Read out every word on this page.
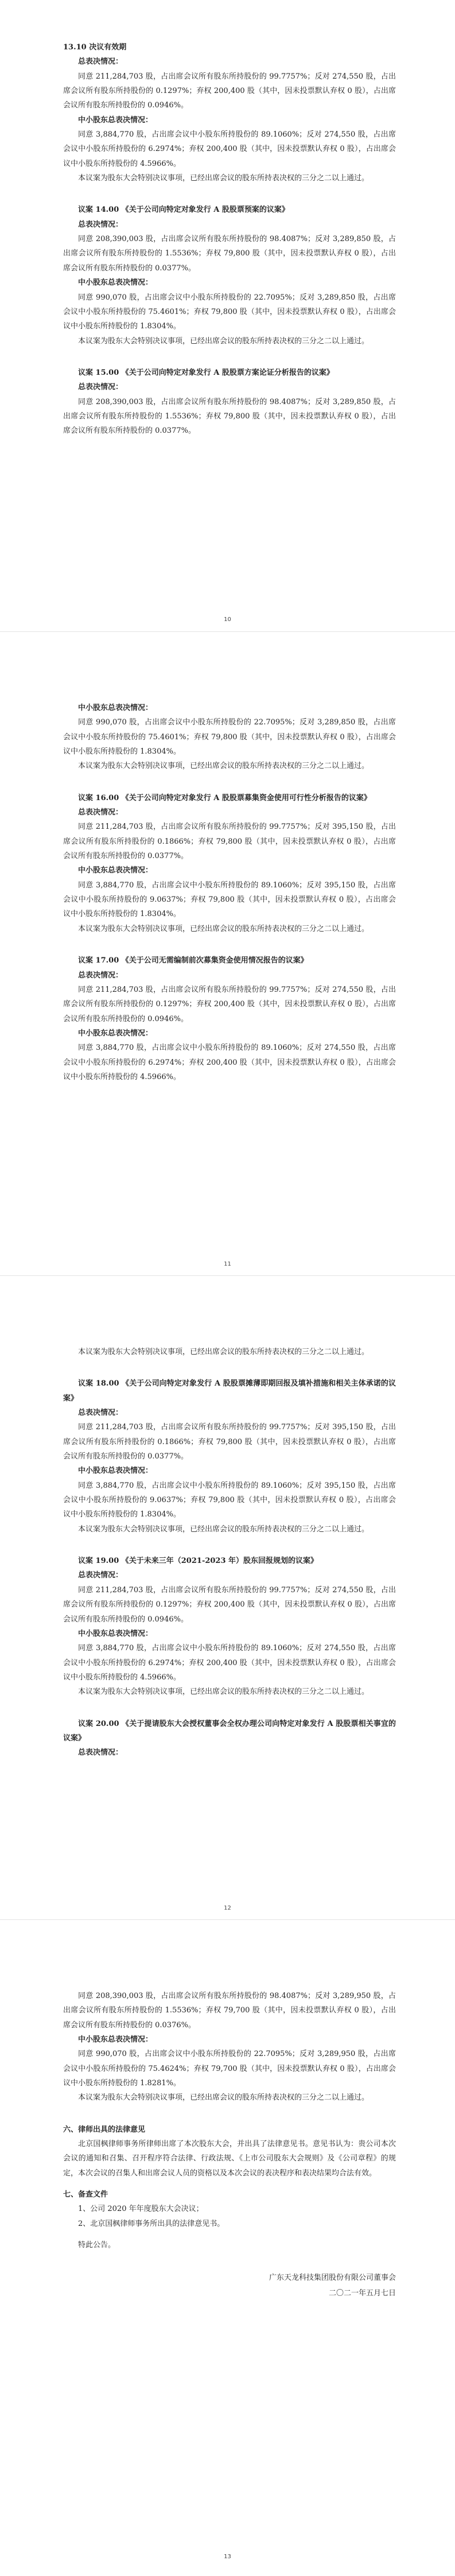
13.10 决议有效期
总表决情况：
同意 211,284,703 股，占出席会议所有股东所持股份的 99.7757%；反对 274,550 股，占出席会议所有股东所持股份的 0.1297%；弃权 200,400 股（其中，因未投票默认弃权 0 股），占出席会议所有股东所持股份的 0.0946%。
中小股东总表决情况：
同意 3,884,770 股，占出席会议中小股东所持股份的 89.1060%；反对 274,550 股，占出席会议中小股东所持股份的 6.2974%；弃权 200,400 股（其中，因未投票默认弃权 0 股），占出席会议中小股东所持股份的 4.5966%。
本议案为股东大会特别决议事项，已经出席会议的股东所持表决权的三分之二以上通过。
议案 14.00 《关于公司向特定对象发行 A 股股票预案的议案》
总表决情况：
同意 208,390,003 股，占出席会议所有股东所持股份的 98.4087%；反对 3,289,850 股，占出席会议所有股东所持股份的 1.5536%；弃权 79,800 股（其中，因未投票默认弃权 0 股），占出席会议所有股东所持股份的 0.0377%。
中小股东总表决情况：
同意 990,070 股，占出席会议中小股东所持股份的 22.7095%；反对 3,289,850 股，占出席会议中小股东所持股份的 75.4601%；弃权 79,800 股（其中，因未投票默认弃权 0 股），占出席会议中小股东所持股份的 1.8304%。
本议案为股东大会特别决议事项，已经出席会议的股东所持表决权的三分之二以上通过。
议案 15.00 《关于公司向特定对象发行 A 股股票方案论证分析报告的议案》
总表决情况：
同意 208,390,003 股，占出席会议所有股东所持股份的 98.4087%；反对 3,289,850 股，占出席会议所有股东所持股份的 1.5536%；弃权 79,800 股（其中，因未投票默认弃权 0 股），占出席会议所有股东所持股份的 0.0377%。
10
中小股东总表决情况：
同意 990,070 股，占出席会议中小股东所持股份的 22.7095%；反对 3,289,850 股，占出席会议中小股东所持股份的 75.4601%；弃权 79,800 股（其中，因未投票默认弃权 0 股），占出席会议中小股东所持股份的 1.8304%。
本议案为股东大会特别决议事项，已经出席会议的股东所持表决权的三分之二以上通过。
议案 16.00 《关于公司向特定对象发行 A 股股票募集资金使用可行性分析报告的议案》
总表决情况：
同意 211,284,703 股，占出席会议所有股东所持股份的 99.7757%；反对 395,150 股，占出席会议所有股东所持股份的 0.1866%；弃权 79,800 股（其中，因未投票默认弃权 0 股），占出席会议所有股东所持股份的 0.0377%。
中小股东总表决情况：
同意 3,884,770 股，占出席会议中小股东所持股份的 89.1060%；反对 395,150 股，占出席会议中小股东所持股份的 9.0637%；弃权 79,800 股（其中，因未投票默认弃权 0 股），占出席会议中小股东所持股份的 1.8304%。
本议案为股东大会特别决议事项，已经出席会议的股东所持表决权的三分之二以上通过。
议案 17.00 《关于公司无需编制前次募集资金使用情况报告的议案》
总表决情况：
同意 211,284,703 股，占出席会议所有股东所持股份的 99.7757%；反对 274,550 股，占出席会议所有股东所持股份的 0.1297%；弃权 200,400 股（其中，因未投票默认弃权 0 股），占出席会议所有股东所持股份的 0.0946%。
中小股东总表决情况：
同意 3,884,770 股，占出席会议中小股东所持股份的 89.1060%；反对 274,550 股，占出席会议中小股东所持股份的 6.2974%；弃权 200,400 股（其中，因未投票默认弃权 0 股），占出席会议中小股东所持股份的 4.5966%。
11
本议案为股东大会特别决议事项，已经出席会议的股东所持表决权的三分之二以上通过。
议案 18.00 《关于公司向特定对象发行 A 股股票摊薄即期回报及填补措施和相关主体承诺的议案》
总表决情况：
同意 211,284,703 股，占出席会议所有股东所持股份的 99.7757%；反对 395,150 股，占出席会议所有股东所持股份的 0.1866%；弃权 79,800 股（其中，因未投票默认弃权 0 股），占出席会议所有股东所持股份的 0.0377%。
中小股东总表决情况：
同意 3,884,770 股，占出席会议中小股东所持股份的 89.1060%；反对 395,150 股，占出席会议中小股东所持股份的 9.0637%；弃权 79,800 股（其中，因未投票默认弃权 0 股），占出席会议中小股东所持股份的 1.8304%。
本议案为股东大会特别决议事项，已经出席会议的股东所持表决权的三分之二以上通过。
议案 19.00 《关于未来三年（2021-2023 年）股东回报规划的议案》
总表决情况：
同意 211,284,703 股，占出席会议所有股东所持股份的 99.7757%；反对 274,550 股，占出席会议所有股东所持股份的 0.1297%；弃权 200,400 股（其中，因未投票默认弃权 0 股），占出席会议所有股东所持股份的 0.0946%。
中小股东总表决情况：
同意 3,884,770 股，占出席会议中小股东所持股份的 89.1060%；反对 274,550 股，占出席会议中小股东所持股份的 6.2974%；弃权 200,400 股（其中，因未投票默认弃权 0 股），占出席会议中小股东所持股份的 4.5966%。
本议案为股东大会特别决议事项，已经出席会议的股东所持表决权的三分之二以上通过。
议案 20.00 《关于提请股东大会授权董事会全权办理公司向特定对象发行 A 股股票相关事宜的议案》
总表决情况：
12
同意 208,390,003 股，占出席会议所有股东所持股份的 98.4087%；反对 3,289,950 股，占出席会议所有股东所持股份的 1.5536%；弃权 79,700 股（其中，因未投票默认弃权 0 股），占出席会议所有股东所持股份的 0.0376%。
中小股东总表决情况：
同意 990,070 股，占出席会议中小股东所持股份的 22.7095%；反对 3,289,950 股，占出席会议中小股东所持股份的 75.4624%；弃权 79,700 股（其中，因未投票默认弃权 0 股），占出席会议中小股东所持股份的 1.8281%。
本议案为股东大会特别决议事项，已经出席会议的股东所持表决权的三分之二以上通过。
六、律师出具的法律意见
北京国枫律师事务所律师出席了本次股东大会，并出具了法律意见书。意见书认为：贵公司本次会议的通知和召集、召开程序符合法律、行政法规、《上市公司股东大会规则》及《公司章程》的规定，本次会议的召集人和出席会议人员的资格以及本次会议的表决程序和表决结果均合法有效。
七、备查文件
1、公司 2020 年年度股东大会决议；
2、北京国枫律师事务所出具的法律意见书。
特此公告。
广东天龙科技集团股份有限公司董事会
二〇二一年五月七日
13
